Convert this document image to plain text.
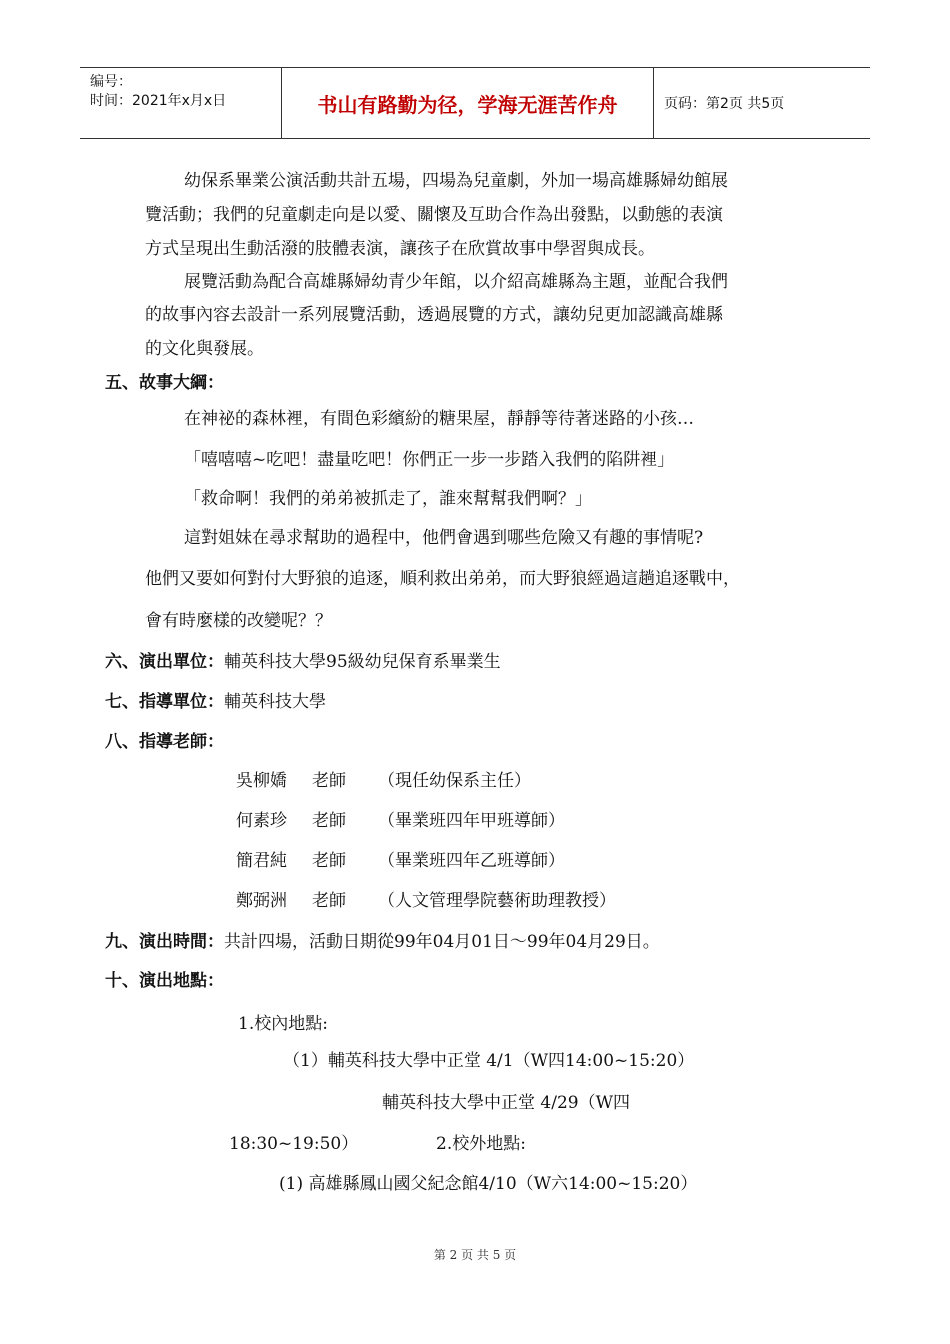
编号：
时间：2021年x月x日	书山有路勤为径，学海无涯苦作舟	页码：第2页 共5页
幼保系畢業公演活動共計五場，四場為兒童劇，外加一場高雄縣婦幼館展
覽活動；我們的兒童劇走向是以愛、關懷及互助合作為出發點，以動態的表演
方式呈現出生動活潑的肢體表演，讓孩子在欣賞故事中學習與成長。
展覽活動為配合高雄縣婦幼青少年館，以介紹高雄縣為主題，並配合我們
的故事內容去設計一系列展覽活動，透過展覽的方式，讓幼兒更加認識高雄縣
的文化與發展。
五、故事大綱：
在神祕的森林裡，有間色彩繽紛的糖果屋，靜靜等待著迷路的小孩…
「嘻嘻嘻~吃吧！盡量吃吧！你們正一步一步踏入我們的陷阱裡」
「救命啊！我們的弟弟被抓走了，誰來幫幫我們啊？」
這對姐妹在尋求幫助的過程中，他們會遇到哪些危險又有趣的事情呢?
他們又要如何對付大野狼的追逐，順利救出弟弟，而大野狼經過這趟追逐戰中，
會有時麼樣的改變呢？？
六、演出單位：輔英科技大學95級幼兒保育系畢業生
七、指導單位：輔英科技大學
八、指導老師：
吳柳嬌 老師 （現任幼保系主任）
何素珍 老師 （畢業班四年甲班導師）
簡君純 老師 （畢業班四年乙班導師）
鄭弼洲 老師 （人文管理學院藝術助理教授）
九、演出時間：共計四場，活動日期從99年04月01日～99年04月29日。
十、演出地點：
1.校內地點:
（1）輔英科技大學中正堂 4/1（W四14:00~15:20）
輔英科技大學中正堂 4/29（W四
18:30~19:50）	2.校外地點:
(1) 高雄縣鳳山國父紀念館4/10（W六14:00~15:20）
第 2 页 共 5 页
